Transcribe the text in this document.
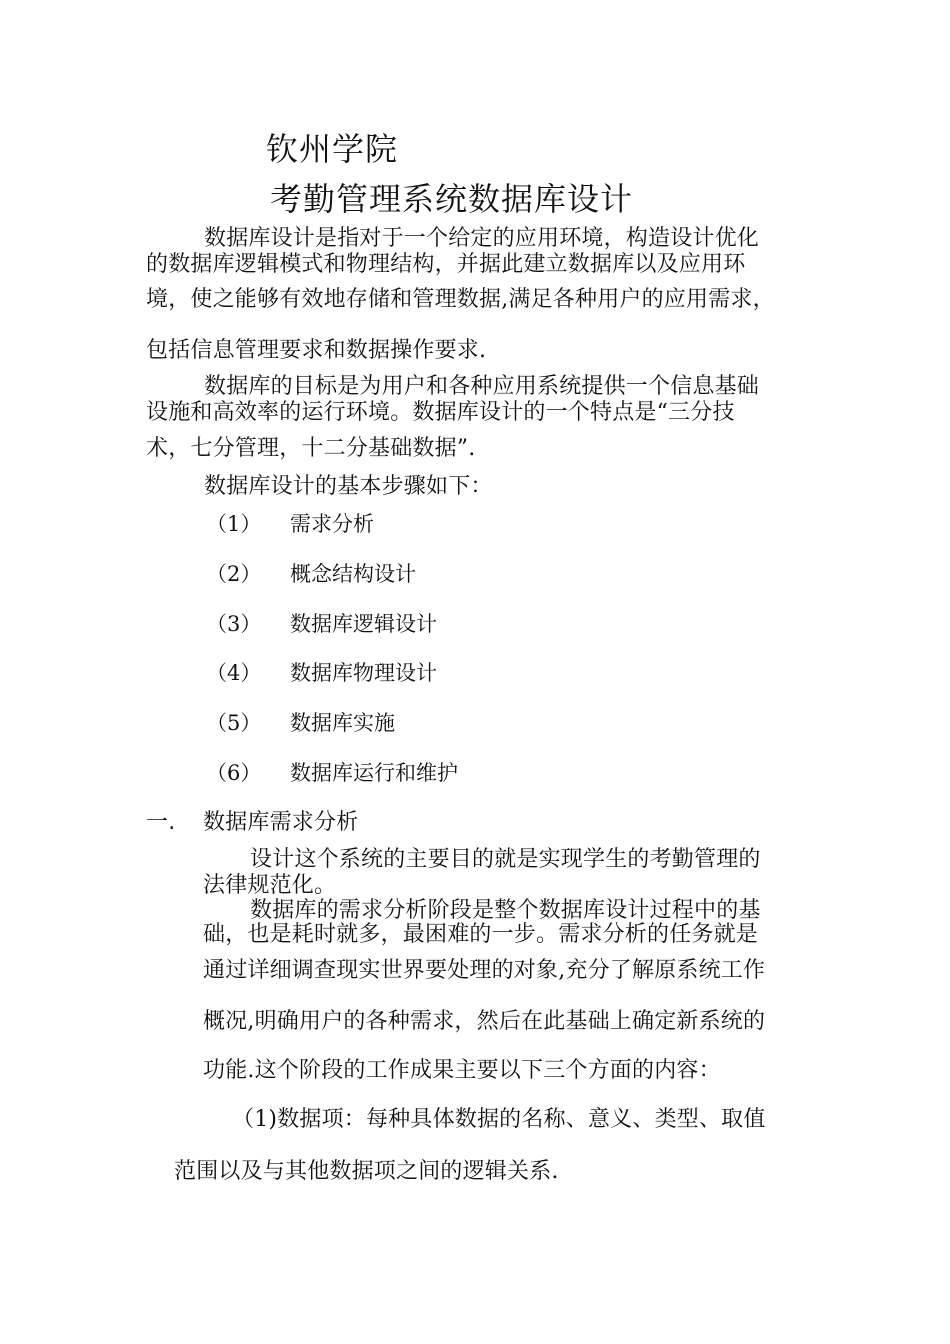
钦州学院
考勤管理系统数据库设计
数据库设计是指对于一个给定的应用环境，构造设计优化
的数据库逻辑模式和物理结构，并据此建立数据库以及应用环
境，使之能够有效地存储和管理数据,满足各种用户的应用需求，
包括信息管理要求和数据操作要求.
数据库的目标是为用户和各种应用系统提供一个信息基础
设施和高效率的运行环境。数据库设计的一个特点是“三分技
术，七分管理，十二分基础数据”.
数据库设计的基本步骤如下：
（1） 需求分析
（2） 概念结构设计
（3） 数据库逻辑设计
（4） 数据库物理设计
（5） 数据库实施
（6） 数据库运行和维护
一. 数据库需求分析
设计这个系统的主要目的就是实现学生的考勤管理的
法律规范化。
数据库的需求分析阶段是整个数据库设计过程中的基
础，也是耗时就多，最困难的一步。需求分析的任务就是
通过详细调查现实世界要处理的对象,充分了解原系统工作
概况,明确用户的各种需求，然后在此基础上确定新系统的
功能.这个阶段的工作成果主要以下三个方面的内容：
（1)数据项：每种具体数据的名称、意义、类型、取值
范围以及与其他数据项之间的逻辑关系.
